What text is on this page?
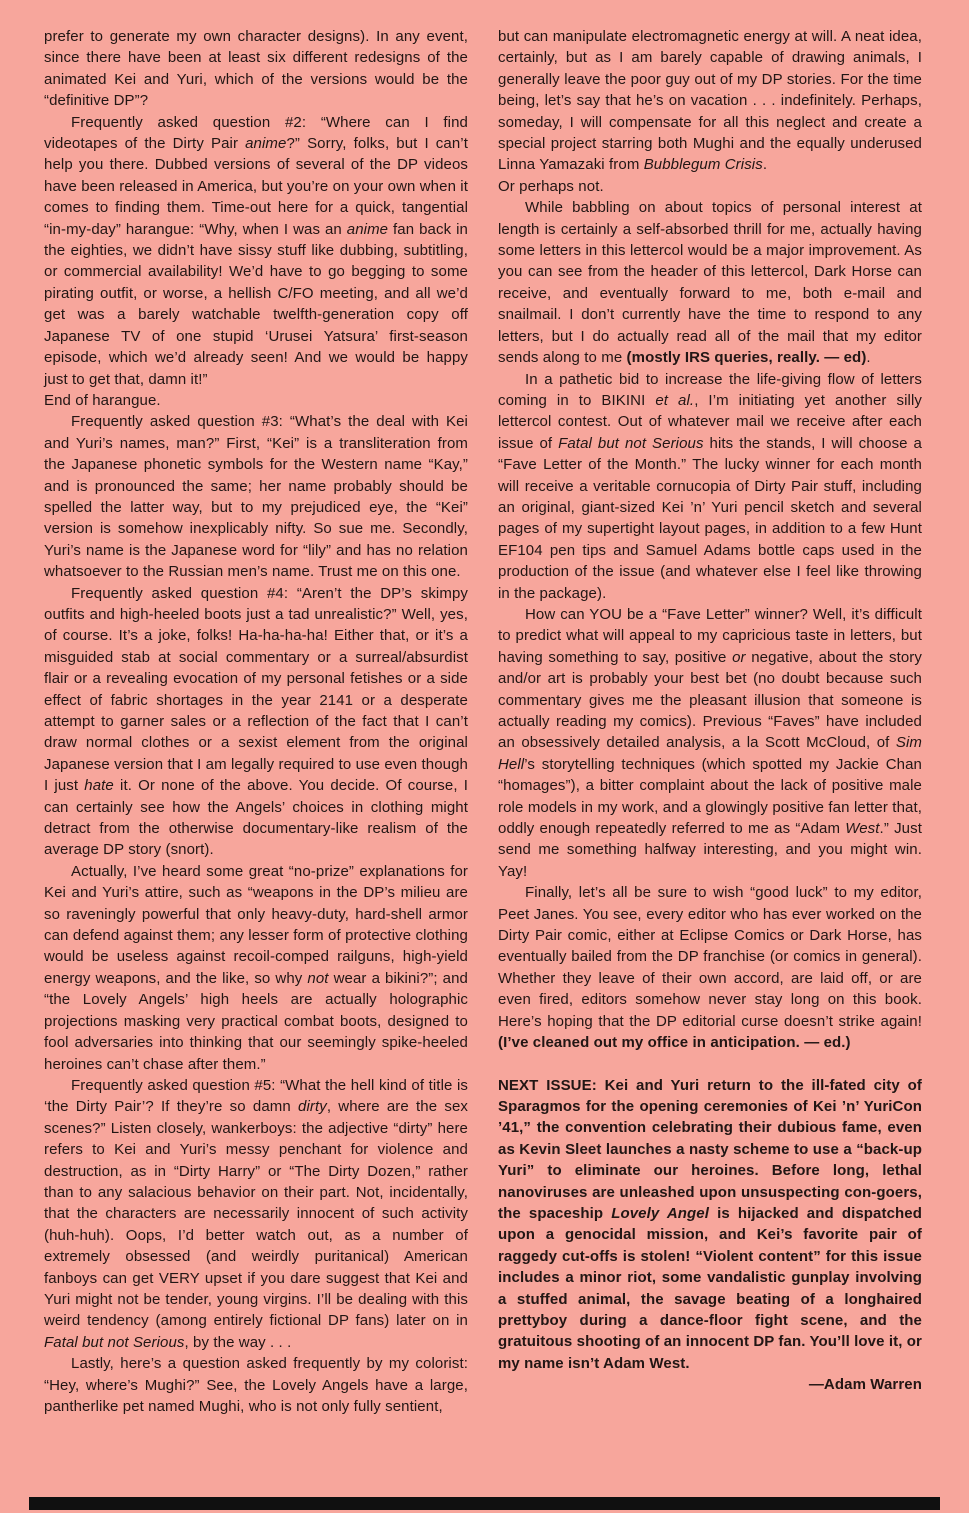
prefer to generate my own character designs). In any event, since there have been at least six different redesigns of the animated Kei and Yuri, which of the versions would be the “definitive DP”?

Frequently asked question #2: “Where can I find videotapes of the Dirty Pair anime?” Sorry, folks, but I can’t help you there. Dubbed versions of several of the DP videos have been released in America, but you’re on your own when it comes to finding them. Time-out here for a quick, tangential “in-my-day” harangue: “Why, when I was an anime fan back in the eighties, we didn’t have sissy stuff like dubbing, subtitling, or commercial availability! We’d have to go begging to some pirating outfit, or worse, a hellish C/FO meeting, and all we’d get was a barely watchable twelfth-generation copy off Japanese TV of one stupid ‘Urusei Yatsura’ first-season episode, which we’d already seen! And we would be happy just to get that, damn it!”

End of harangue.

Frequently asked question #3: “What’s the deal with Kei and Yuri’s names, man?” First, “Kei” is a transliteration from the Japanese phonetic symbols for the Western name “Kay,” and is pronounced the same; her name probably should be spelled the latter way, but to my prejudiced eye, the “Kei” version is somehow inexplicably nifty. So sue me. Secondly, Yuri’s name is the Japanese word for “lily” and has no relation whatsoever to the Russian men’s name. Trust me on this one.

Frequently asked question #4: “Aren’t the DP’s skimpy outfits and high-heeled boots just a tad unrealistic?” Well, yes, of course. It’s a joke, folks! Ha-ha-ha-ha! Either that, or it’s a misguided stab at social commentary or a surreal/absurdist flair or a revealing evocation of my personal fetishes or a side effect of fabric shortages in the year 2141 or a desperate attempt to garner sales or a reflection of the fact that I can’t draw normal clothes or a sexist element from the original Japanese version that I am legally required to use even though I just hate it. Or none of the above. You decide. Of course, I can certainly see how the Angels’ choices in clothing might detract from the otherwise documentary-like realism of the average DP story (snort).

Actually, I’ve heard some great “no-prize” explanations for Kei and Yuri’s attire, such as “weapons in the DP’s milieu are so raveningly powerful that only heavy-duty, hard-shell armor can defend against them; any lesser form of protective clothing would be useless against recoil-comped railguns, high-yield energy weapons, and the like, so why not wear a bikini?”; and “the Lovely Angels’ high heels are actually holographic projections masking very practical combat boots, designed to fool adversaries into thinking that our seemingly spike-heeled heroines can’t chase after them.”

Frequently asked question #5: “What the hell kind of title is ‘the Dirty Pair’? If they’re so damn dirty, where are the sex scenes?” Listen closely, wankerboys: the adjective “dirty” here refers to Kei and Yuri’s messy penchant for violence and destruction, as in “Dirty Harry” or “The Dirty Dozen,” rather than to any salacious behavior on their part. Not, incidentally, that the characters are necessarily innocent of such activity (huh-huh). Oops, I’d better watch out, as a number of extremely obsessed (and weirdly puritanical) American fanboys can get VERY upset if you dare suggest that Kei and Yuri might not be tender, young virgins. I’ll be dealing with this weird tendency (among entirely fictional DP fans) later on in Fatal but not Serious, by the way . . .

Lastly, here’s a question asked frequently by my colorist: “Hey, where’s Mughi?” See, the Lovely Angels have a large, pantherlike pet named Mughi, who is not only fully sentient,

but can manipulate electromagnetic energy at will. A neat idea, certainly, but as I am barely capable of drawing animals, I generally leave the poor guy out of my DP stories. For the time being, let’s say that he’s on vacation . . . indefinitely. Perhaps, someday, I will compensate for all this neglect and create a special project starring both Mughi and the equally underused Linna Yamazaki from Bubblegum Crisis.

Or perhaps not.

While babbling on about topics of personal interest at length is certainly a self-absorbed thrill for me, actually having some letters in this lettercol would be a major improvement. As you can see from the header of this lettercol, Dark Horse can receive, and eventually forward to me, both e-mail and snailmail. I don’t currently have the time to respond to any letters, but I do actually read all of the mail that my editor sends along to me (mostly IRS queries, really. — ed).

In a pathetic bid to increase the life-giving flow of letters coming in to BIKINI et al., I’m initiating yet another silly lettercol contest. Out of whatever mail we receive after each issue of Fatal but not Serious hits the stands, I will choose a “Fave Letter of the Month.” The lucky winner for each month will receive a veritable cornucopia of Dirty Pair stuff, including an original, giant-sized Kei ’n’ Yuri pencil sketch and several pages of my supertight layout pages, in addition to a few Hunt EF104 pen tips and Samuel Adams bottle caps used in the production of the issue (and whatever else I feel like throwing in the package).

How can YOU be a “Fave Letter” winner? Well, it’s difficult to predict what will appeal to my capricious taste in letters, but having something to say, positive or negative, about the story and/or art is probably your best bet (no doubt because such commentary gives me the pleasant illusion that someone is actually reading my comics). Previous “Faves” have included an obsessively detailed analysis, a la Scott McCloud, of Sim Hell’s storytelling techniques (which spotted my Jackie Chan “homages”), a bitter complaint about the lack of positive male role models in my work, and a glowingly positive fan letter that, oddly enough repeatedly referred to me as “Adam West.” Just send me something halfway interesting, and you might win. Yay!

Finally, let’s all be sure to wish “good luck” to my editor, Peet Janes. You see, every editor who has ever worked on the Dirty Pair comic, either at Eclipse Comics or Dark Horse, has eventually bailed from the DP franchise (or comics in general). Whether they leave of their own accord, are laid off, or are even fired, editors somehow never stay long on this book. Here’s hoping that the DP editorial curse doesn’t strike again! (I’ve cleaned out my office in anticipation. — ed.)

NEXT ISSUE: Kei and Yuri return to the ill-fated city of Sparagmos for the opening ceremonies of Kei ’n’ YuriCon ’41,” the convention celebrating their dubious fame, even as Kevin Sleet launches a nasty scheme to use a “back-up Yuri” to eliminate our heroines. Before long, lethal nanoviruses are unleashed upon unsuspecting con-goers, the spaceship Lovely Angel is hijacked and dispatched upon a genocidal mission, and Kei’s favorite pair of raggedy cut-offs is stolen! “Violent content” for this issue includes a minor riot, some vandalistic gunplay involving a stuffed animal, the savage beating of a longhaired prettyboy during a dance-floor fight scene, and the gratuitous shooting of an innocent DP fan. You’ll love it, or my name isn’t Adam West.

—Adam Warren
